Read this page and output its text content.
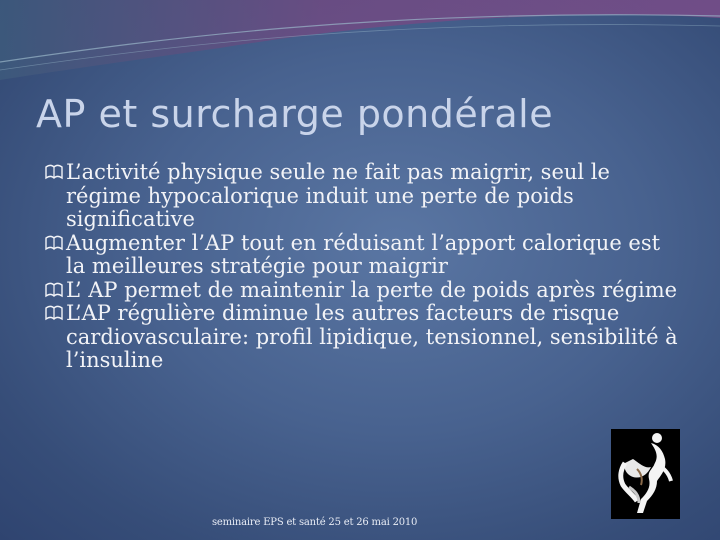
AP et surcharge pondérale
L’activité physique seule ne fait pas maigrir, seul le régime hypocalorique induit une perte de poids significative
Augmenter l’AP tout en réduisant l’apport calorique est la meilleures stratégie pour maigrir
L’ AP permet de maintenir la perte de poids après régime
L’AP régulière diminue les autres facteurs de risque cardiovasculaire: profil lipidique, tensionnel, sensibilité à l’insuline

seminaire EPS et santé 25 et 26 mai 2010
